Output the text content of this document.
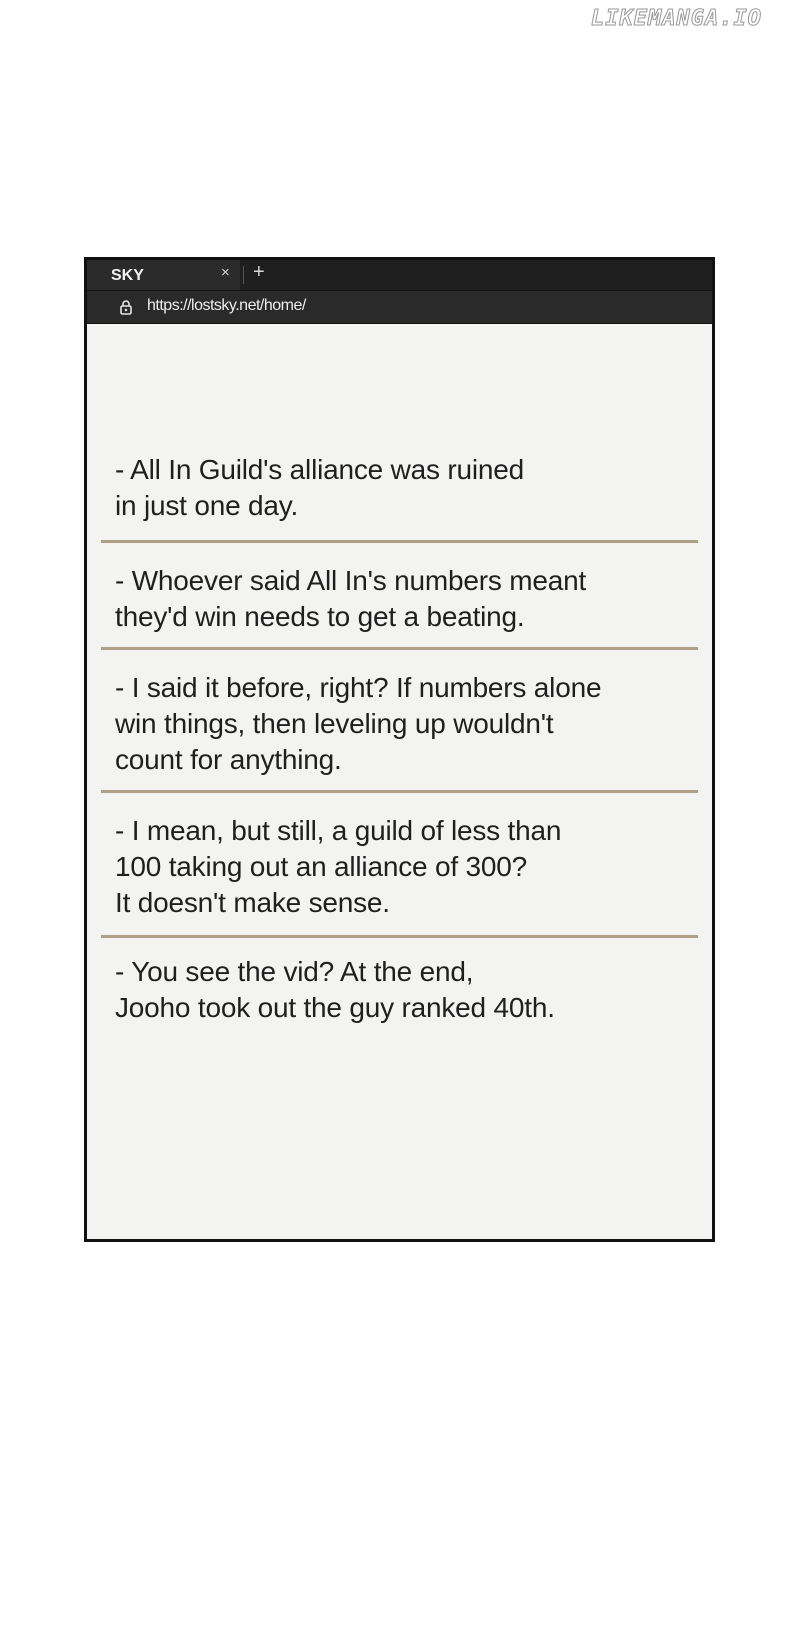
LIKEMANGA.IO
SKY	× +
https://lostsky.net/home/
- All In Guild's alliance was ruined
in just one day.
- Whoever said All In's numbers meant
they'd win needs to get a beating.
- I said it before, right? If numbers alone
win things, then leveling up wouldn't
count for anything.
- I mean, but still, a guild of less than
100 taking out an alliance of 300?
It doesn't make sense.
- You see the vid? At the end,
Jooho took out the guy ranked 40th.
